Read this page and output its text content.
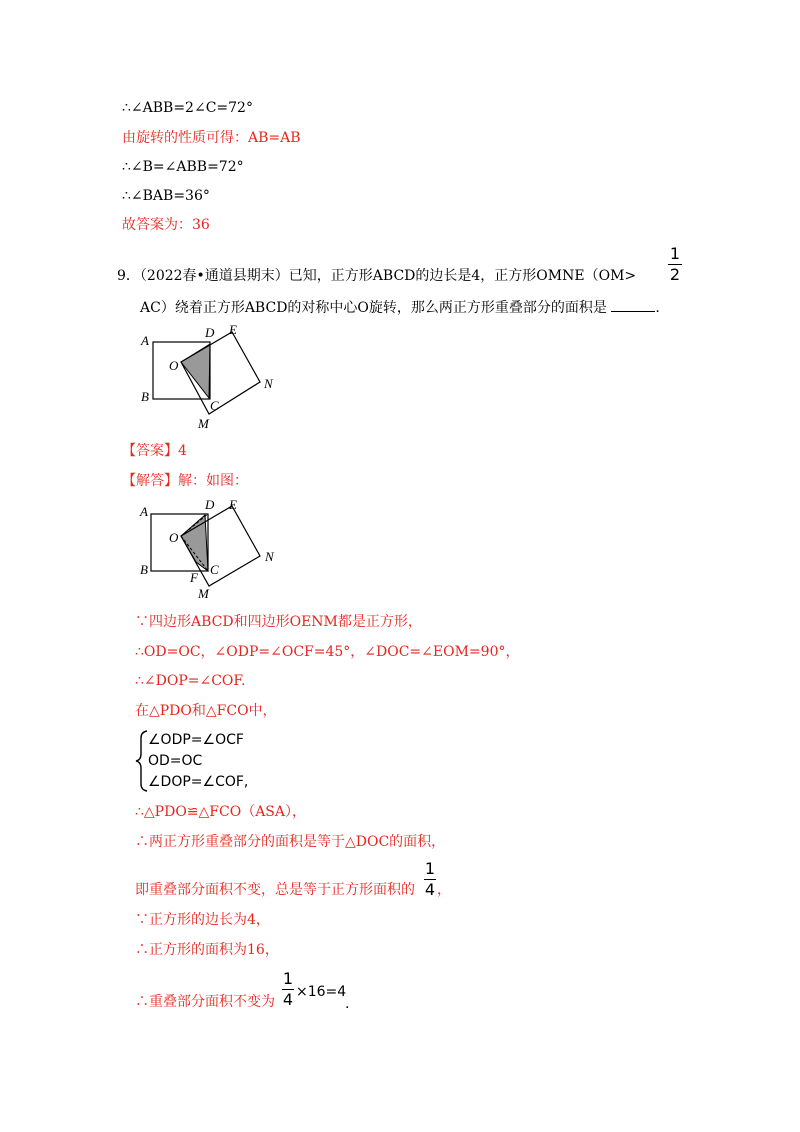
∴∠ABB=2∠C=72°
由旋转的性质可得：AB=AB
∴∠B=∠ABB=72°
∴∠BAB=36°
故答案为：36
9．（2022春•通道县期末）已知，正方形ABCD的边长是4，正方形OMNE（OM>
1
2
AC）绕着正方形ABCD的对称中心O旋转，那么两正方形重叠部分的面积是	.
A
B
C
D E
O
N
M
【答案】4
【解答】解：如图：
A
B	C
D E
O
N
F
M
∵四边形ABCD和四边形OENM都是正方形，
∴OD=OC，∠ODP=∠OCF=45°，∠DOC=∠EOM=90°，
∴∠DOP=∠COF.
在△PDO和△FCO中，
∠ODP=∠OCF
OD=OC
∠DOP=∠COF,
∴△PDO≌△FCO（ASA），
∴两正方形重叠部分的面积是等于△DOC的面积，
即重叠部分面积不变，总是等于正方形面积的
1
4 ，
∵正方形的边长为4，
∴正方形的面积为16，
∴重叠部分面积不变为
1
4 ×16=4
.
